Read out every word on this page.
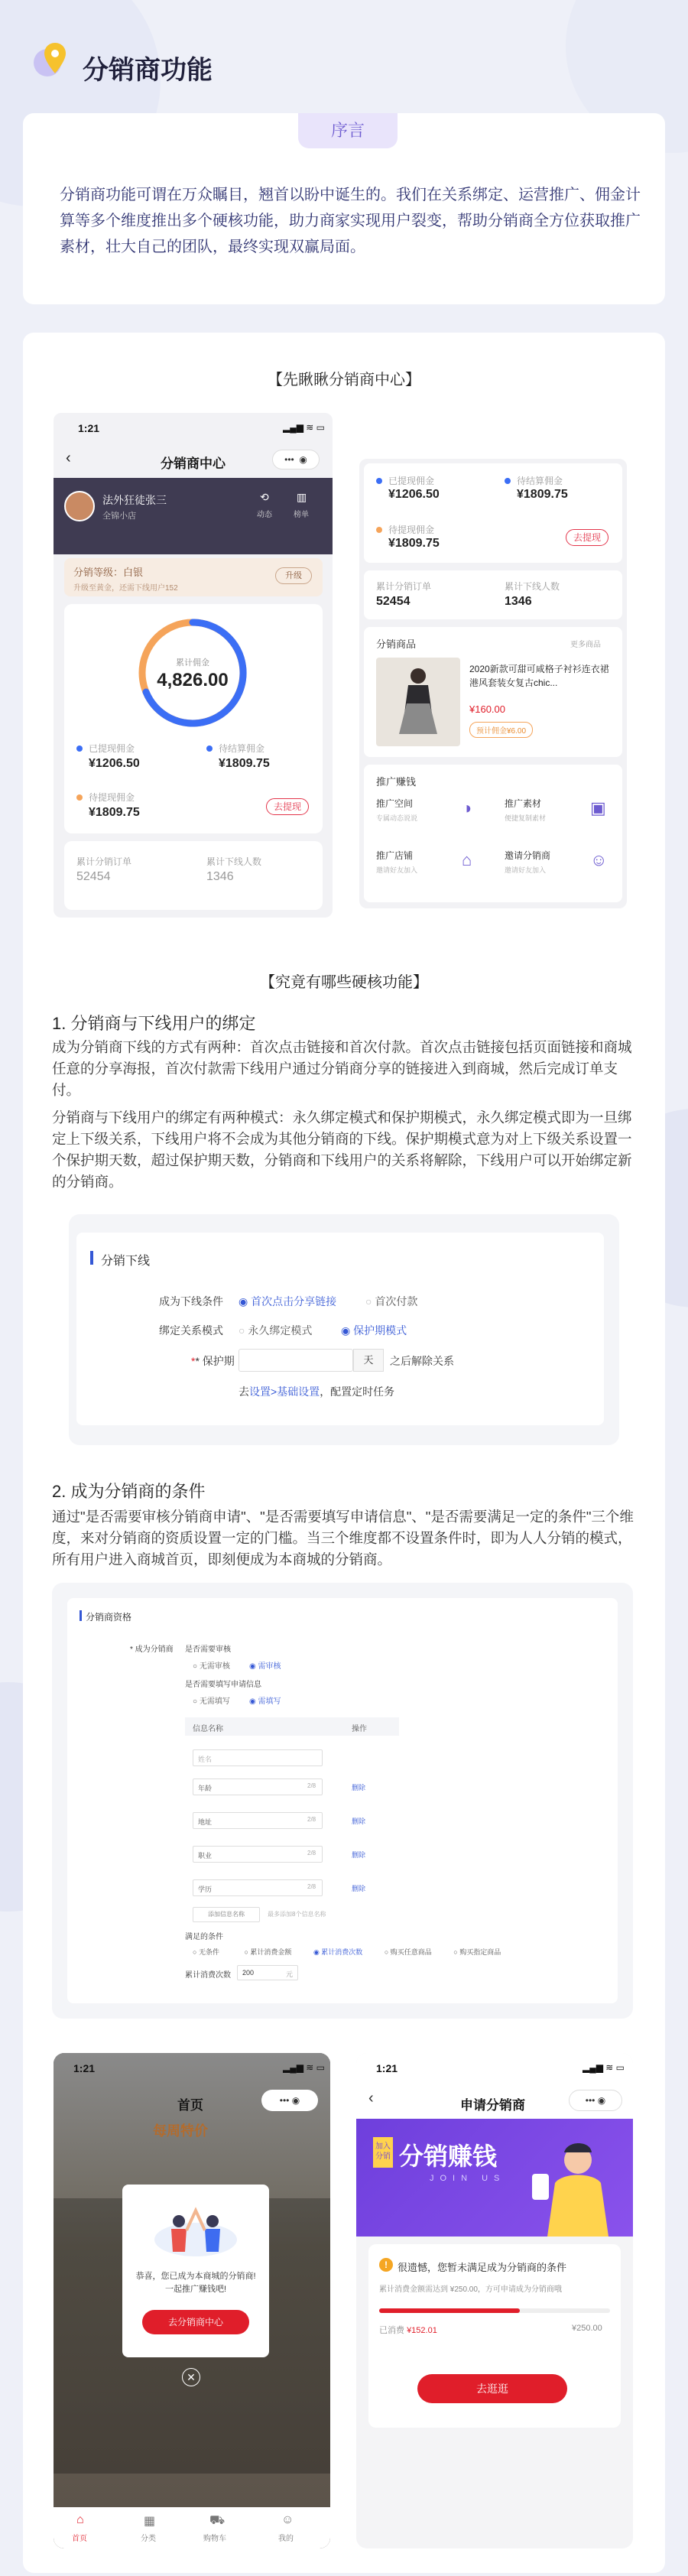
分销商功能
序言
分销商功能可谓在万众瞩目，翘首以盼中诞生的。我们在关系绑定、运营推广、佣金计算等多个维度推出多个硬核功能，助力商家实现用户裂变，帮助分销商全方位获取推广素材，壮大自己的团队，最终实现双赢局面。
【先瞅瞅分销商中心】
1:21	▂▄▆ ≋ ▭
‹	分销商中心	•••  ◉
法外狂徒张三
全锦小店
⟲
动态
▥
榜单
分销等级：白银
升级至黄金，还需下线用户152
升级
累计佣金
4,826.00
已提现佣金
¥1206.50
待结算佣金
¥1809.75
待提现佣金
¥1809.75	去提现
累计分销订单
52454
累计下线人数
1346
已提现佣金
¥1206.50
待结算佣金
¥1809.75
待提现佣金
¥1809.75	去提现
累计分销订单
52454
累计下线人数
1346
分销商品	更多商品
2020新款可甜可咸格子衬衫连衣裙港风套装女复古chic...
¥160.00
预计佣金¥6.00
推广赚钱
推广空间
专属动态说说
◑	推广素材
便捷复制素材
▣
推广店铺
邀请好友加入
⌂	邀请分销商
邀请好友加入
☺
【究竟有哪些硬核功能】
1. 分销商与下线用户的绑定
成为分销商下线的方式有两种：首次点击链接和首次付款。首次点击链接包括页面链接和商城任意的分享海报，首次付款需下线用户通过分销商分享的链接进入到商城，然后完成订单支付。
分销商与下线用户的绑定有两种模式：永久绑定模式和保护期模式，永久绑定模式即为一旦绑定上下级关系，下线用户将不会成为其他分销商的下线。保护期模式意为对上下级关系设置一个保护期天数，超过保护期天数，分销商和下线用户的关系将解除，下线用户可以开始绑定新的分销商。
分销下线
成为下线条件 ◉ 首次点击分享链接	○ 首次付款
绑定关系模式 ○ 永久绑定模式	◉ 保护期模式
** 保护期	天	之后解除关系
去设置>基础设置，配置定时任务
2. 成为分销商的条件
通过"是否需要审核分销商申请"、"是否需要填写申请信息"、"是否需要满足一定的条件"三个维度，来对分销商的资质设置一定的门槛。当三个维度都不设置条件时，即为人人分销的模式，所有用户进入商城首页，即刻便成为本商城的分销商。
分销商资格
* 成为分销商 是否需要审核
○ 无需审核	◉ 需审核
是否需要填写申请信息
○ 无需填写	◉ 需填写
信息名称	操作
姓名
年龄	2/8	删除
地址	2/8	删除
职业	2/8	删除
学历	2/8	删除
添加信息名称	最多添加8个信息名称
满足的条件
○ 无条件	○ 累计消费金额	◉ 累计消费次数	○ 购买任意商品	○ 购买指定商品
累计消费次数	200	元
1:21	▂▄▆ ≋ ▭
首页	••• ◉
每周特价
恭喜，您已成为本商城的分销商!
一起推广赚钱吧!
去分销商中心
✕
⌂
首页
▦
分类
⛟
购物车
☺
我的
1:21	▂▄▆ ≋ ▭
‹	申请分销商	••• ◉
加入分销 分销赚钱
JOIN US
!	很遗憾，您暂未满足成为分销商的条件
累计消费金额需达到 ¥250.00，方可申请成为分销商哦
已消费 ¥152.01	¥250.00
去逛逛
